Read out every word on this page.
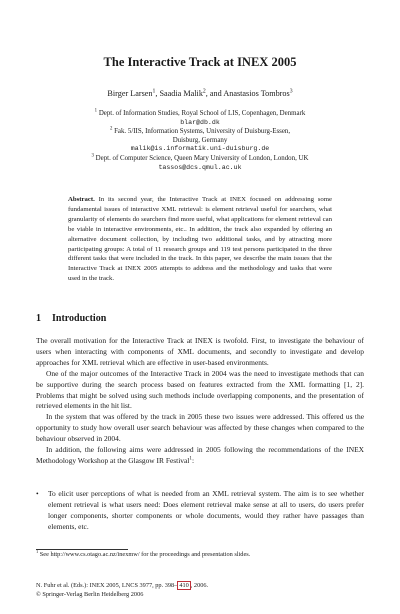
The Interactive Track at INEX 2005
Birger Larsen$^1$, Saadia Malik$^2$, and Anastasios Tombros$^3$
$^1$ Dept. of Information Studies, Royal School of LIS, Copenhagen, Denmark
blar@db.dk
$^2$ Fak. 5/IIS, Information Systems, University of Duisburg-Essen,
Duisburg, Germany
malik@is.informatik.uni-duisburg.de
$^3$ Dept. of Computer Science, Queen Mary University of London, London, UK
tassos@dcs.qmul.ac.uk
Abstract. In its second year, the Interactive Track at INEX focused on addressing some fundamental issues of interactive XML retrieval: is element retrieval useful for searchers, what granularity of elements do searchers find more useful, what applications for element retrieval can be viable in interactive environments, etc.. In addition, the track also expanded by offering an alternative document collection, by including two additional tasks, and by attracting more participating groups: A total of 11 research groups and 119 test persons participated in the three different tasks that were included in the track. In this paper, we describe the main issues that the Interactive Track at INEX 2005 attempts to address and the methodology and tasks that were used in the track.
1 Introduction

The overall motivation for the Interactive Track at INEX is twofold. First, to investigate the behaviour of users when interacting with components of XML documents, and secondly to investigate and develop approaches for XML retrieval which are effective in user-based environments.

One of the major outcomes of the Interactive Track in 2004 was the need to investigate methods that can be supportive during the search process based on features extracted from the XML formatting [1, 2]. Problems that might be solved using such methods include overlapping components, and the presentation of retrieved elements in the hit list.

In the system that was offered by the track in 2005 these two issues were addressed. This offered us the opportunity to study how overall user search behaviour was affected by these changes when compared to the behaviour observed in 2004.

In addition, the following aims were addressed in 2005 following the recommendations of the INEX Methodology Workshop at the Glasgow IR Festival$^1$:

• To elicit user perceptions of what is needed from an XML retrieval system. The aim is to see whether element retrieval is what users need: Does element retrieval make sense at all to users, do users prefer longer components, shorter components or whole documents, would they rather have passages than elements, etc.
$^1$ See http://www.cs.otago.ac.nz/inexmw/ for the proceedings and presentation slides.
N. Fuhr et al. (Eds.): INEX 2005, LNCS 3977, pp. 398– 410 , 2006.
© Springer-Verlag Berlin Heidelberg 2006
